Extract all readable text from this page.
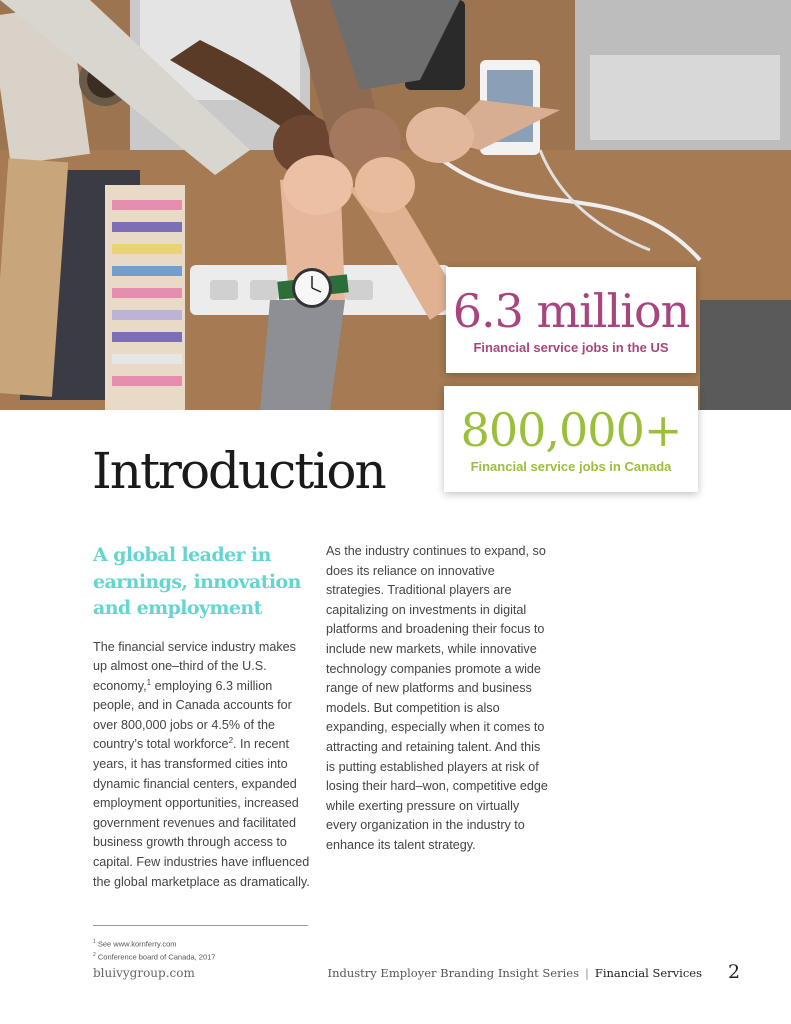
6.3 million
Financial service jobs in the US
800,000+
Financial service jobs in Canada
Introduction
A global leader in earnings, innovation and employment

The financial service industry makes up almost one–third of the U.S. economy,$^1$ employing 6.3 million people, and in Canada accounts for over 800,000 jobs or 4.5% of the country’s total workforce$^2$. In recent years, it has transformed cities into dynamic financial centers, expanded employment opportunities, increased government revenues and facilitated business growth through access to capital. Few industries have influenced the global marketplace as dramatically.

As the industry continues to expand, so does its reliance on innovative strategies. Traditional players are capitalizing on investments in digital platforms and broadening their focus to include new markets, while innovative technology companies promote a wide range of new platforms and business models. But competition is also expanding, especially when it comes to attracting and retaining talent. And this is putting established players at risk of losing their hard–won, competitive edge while exerting pressure on virtually every organization in the industry to enhance its talent strategy.

$^1$ See www.kornferry.com
$^2$ Conference board of Canada, 2017
bluivygroup.com	Industry Employer Branding Insight Series | Financial Services 2
